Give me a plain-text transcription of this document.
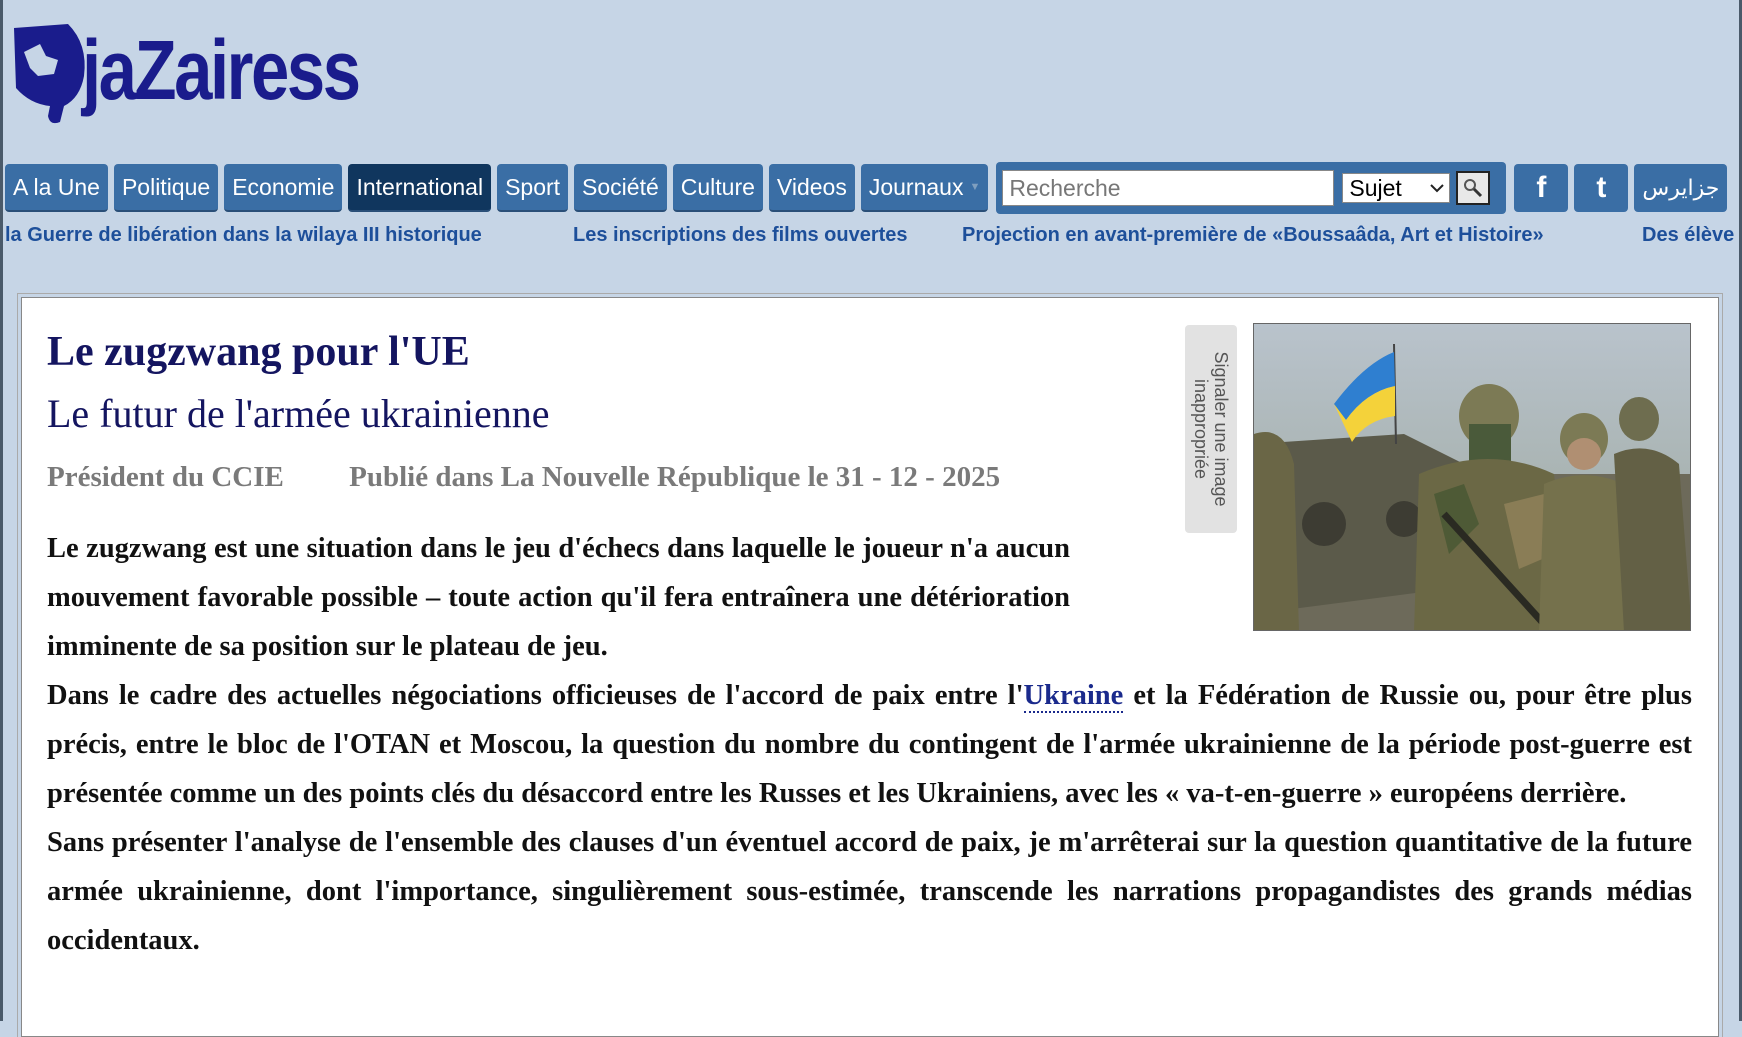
jaZairess
A la Une Politique Economie International Sport Société Culture Videos Journaux ▼
Recherche	Sujet	f t	جزايرس
la Guerre de libération dans la wilaya III historique	Les inscriptions des films ouvertes	Projection en avant-première de «Boussaâda, Art et Histoire»	Des élève
Le zugzwang pour l'UE
Le futur de l'armée ukrainienne
Président du CCIE Publié dans La Nouvelle République le 31 - 12 - 2025	Signaler une image inappropriée

Le zugzwang est une situation dans le jeu d'échecs dans laquelle le joueur n'a aucun mouvement favorable possible – toute action qu'il fera entraînera une détérioration imminente de sa position sur le plateau de jeu.

Dans le cadre des actuelles négociations officieuses de l'accord de paix entre l'Ukraine et la Fédération de Russie ou, pour être plus précis, entre le bloc de l'OTAN et Moscou, la question du nombre du contingent de l'armée ukrainienne de la période post-guerre est présentée comme un des points clés du désaccord entre les Russes et les Ukrainiens, avec les « va-t-en-guerre » européens derrière.

Sans présenter l'analyse de l'ensemble des clauses d'un éventuel accord de paix, je m'arrêterai sur la question quantitative de la future armée ukrainienne, dont l'importance, singulièrement sous-estimée, transcende les narrations propagandistes des grands médias occidentaux.
